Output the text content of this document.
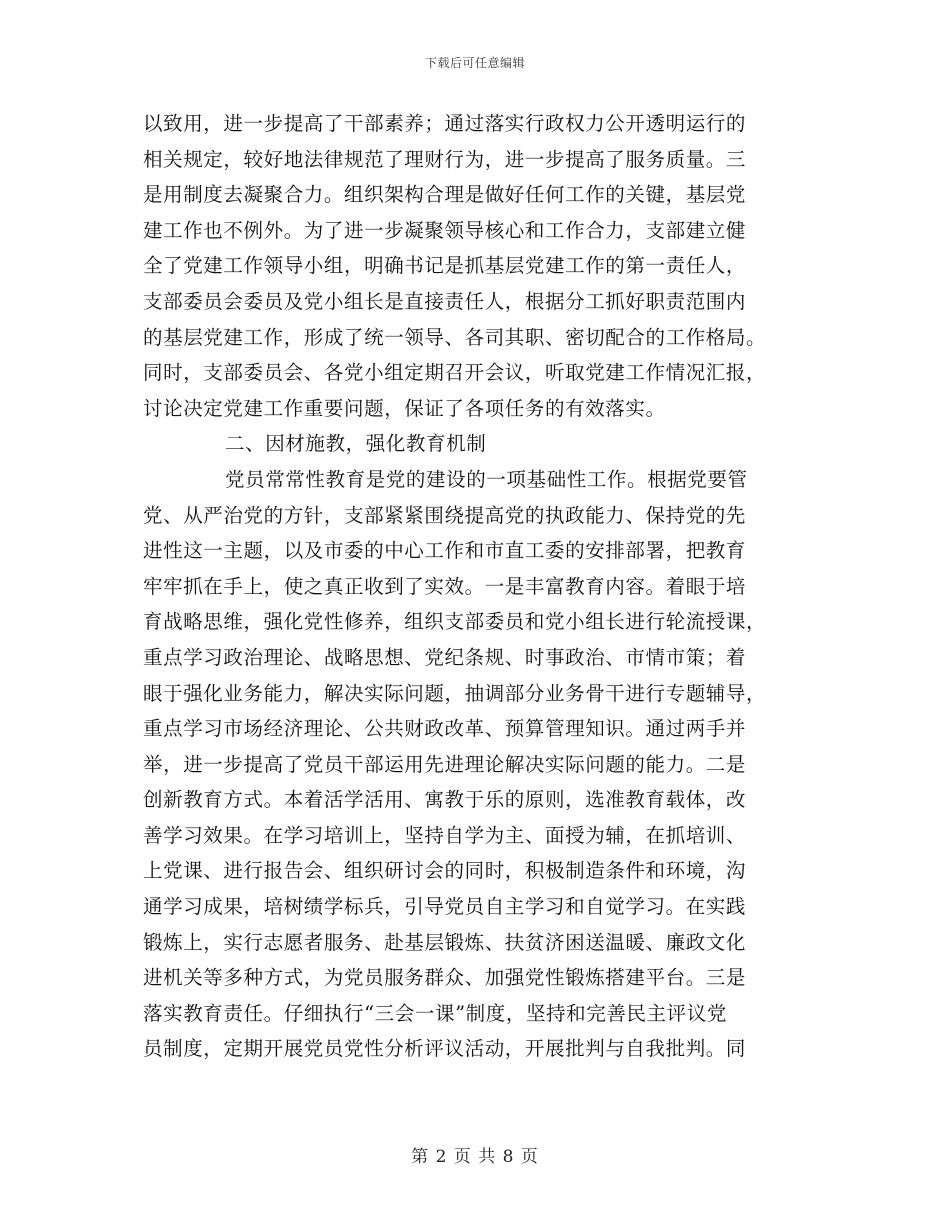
下载后可任意编辑
以致用，进一步提高了干部素养；通过落实行政权力公开透明运行的
相关规定，较好地法律规范了理财行为，进一步提高了服务质量。三
是用制度去凝聚合力。组织架构合理是做好任何工作的关键，基层党
建工作也不例外。为了进一步凝聚领导核心和工作合力，支部建立健
全了党建工作领导小组，明确书记是抓基层党建工作的第一责任人，
支部委员会委员及党小组长是直接责任人，根据分工抓好职责范围内
的基层党建工作，形成了统一领导、各司其职、密切配合的工作格局。
同时，支部委员会、各党小组定期召开会议，听取党建工作情况汇报，
讨论决定党建工作重要问题，保证了各项任务的有效落实。
二、因材施教，强化教育机制
党员常常性教育是党的建设的一项基础性工作。根据党要管
党、从严治党的方针，支部紧紧围绕提高党的执政能力、保持党的先
进性这一主题，以及市委的中心工作和市直工委的安排部署，把教育
牢牢抓在手上，使之真正收到了实效。一是丰富教育内容。着眼于培
育战略思维，强化党性修养，组织支部委员和党小组长进行轮流授课，
重点学习政治理论、战略思想、党纪条规、时事政治、市情市策；着
眼于强化业务能力，解决实际问题，抽调部分业务骨干进行专题辅导，
重点学习市场经济理论、公共财政改革、预算管理知识。通过两手并
举，进一步提高了党员干部运用先进理论解决实际问题的能力。二是
创新教育方式。本着活学活用、寓教于乐的原则，选准教育载体，改
善学习效果。在学习培训上，坚持自学为主、面授为辅，在抓培训、
上党课、进行报告会、组织研讨会的同时，积极制造条件和环境，沟
通学习成果，培树绩学标兵，引导党员自主学习和自觉学习。在实践
锻炼上，实行志愿者服务、赴基层锻炼、扶贫济困送温暖、廉政文化
进机关等多种方式，为党员服务群众、加强党性锻炼搭建平台。三是
落实教育责任。仔细执行“三会一课”制度，坚持和完善民主评议党
员制度，定期开展党员党性分析评议活动，开展批判与自我批判。同
第 2 页 共 8 页
